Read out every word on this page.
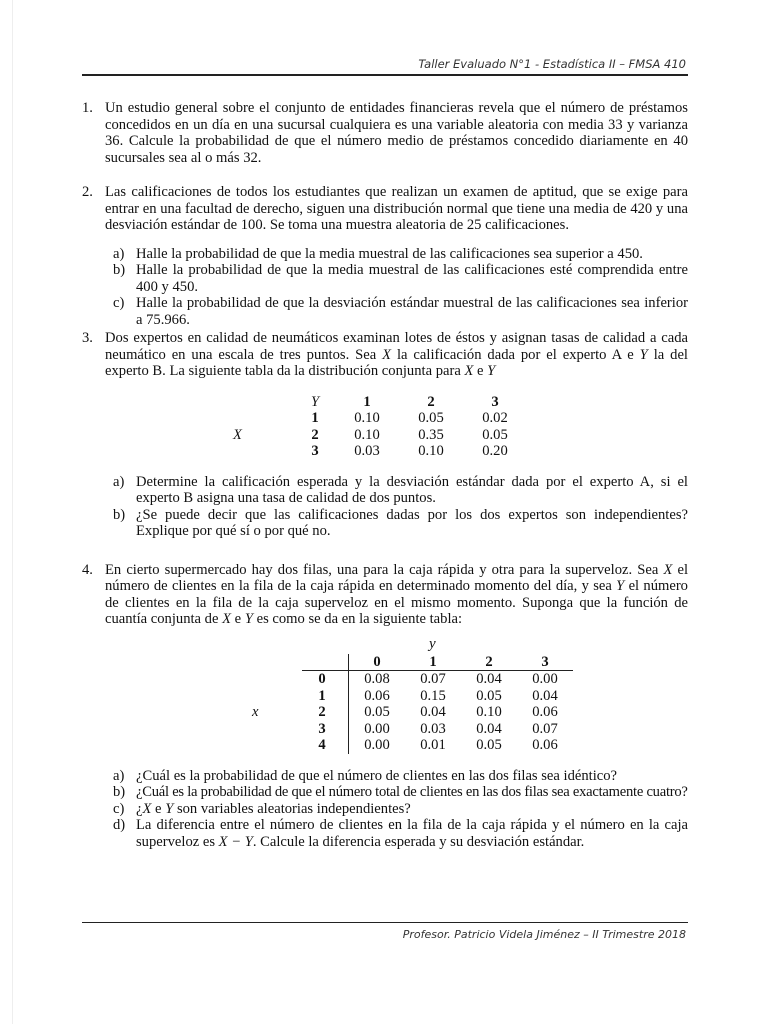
Taller Evaluado N°1 - Estadística II – FMSA 410
1. Un estudio general sobre el conjunto de entidades financieras revela que el número de préstamos concedidos en un día en una sucursal cualquiera es una variable aleatoria con media 33 y varianza 36. Calcule la probabilidad de que el número medio de préstamos concedido diariamente en 40 sucursales sea al o más 32.
2. Las calificaciones de todos los estudiantes que realizan un examen de aptitud, que se exige para entrar en una facultad de derecho, siguen una distribución normal que tiene una media de 420 y una desviación estándar de 100. Se toma una muestra aleatoria de 25 calificaciones.
a) Halle la probabilidad de que la media muestral de las calificaciones sea superior a 450.
b) Halle la probabilidad de que la media muestral de las calificaciones esté comprendida entre 400 y 450.
c) Halle la probabilidad de que la desviación estándar muestral de las calificaciones sea inferior a 75.966.
3. Dos expertos en calidad de neumáticos examinan lotes de éstos y asignan tasas de calidad a cada neumático en una escala de tres puntos. Sea X la calificación dada por el experto A e Y la del experto B. La siguiente tabla da la distribución conjunta para X e Y
	Y	1	2	3
	1	0.10	0.05	0.02
X	2	0.10	0.35	0.05
	3	0.03	0.10	0.20
a) Determine la calificación esperada y la desviación estándar dada por el experto A, si el experto B asigna una tasa de calidad de dos puntos.
b) ¿Se puede decir que las calificaciones dadas por los dos expertos son independientes? Explique por qué sí o por qué no.
4. En cierto supermercado hay dos filas, una para la caja rápida y otra para la superveloz. Sea X el número de clientes en la fila de la caja rápida en determinado momento del día, y sea Y el número de clientes en la fila de la caja superveloz en el mismo momento. Suponga que la función de cuantía conjunta de X e Y es como se da en la siguiente tabla:
y
		0	1	2	3
	0	0.08	0.07	0.04	0.00
	1	0.06	0.15	0.05	0.04
x	2	0.05	0.04	0.10	0.06
	3	0.00	0.03	0.04	0.07
	4	0.00	0.01	0.05	0.06
a) ¿Cuál es la probabilidad de que el número de clientes en las dos filas sea idéntico?
b) ¿Cuál es la probabilidad de que el número total de clientes en las dos filas sea exactamente cuatro?
c) ¿X e Y son variables aleatorias independientes?
d) La diferencia entre el número de clientes en la fila de la caja rápida y el número en la caja superveloz es X − Y. Calcule la diferencia esperada y su desviación estándar.
Profesor. Patricio Videla Jiménez – II Trimestre 2018
